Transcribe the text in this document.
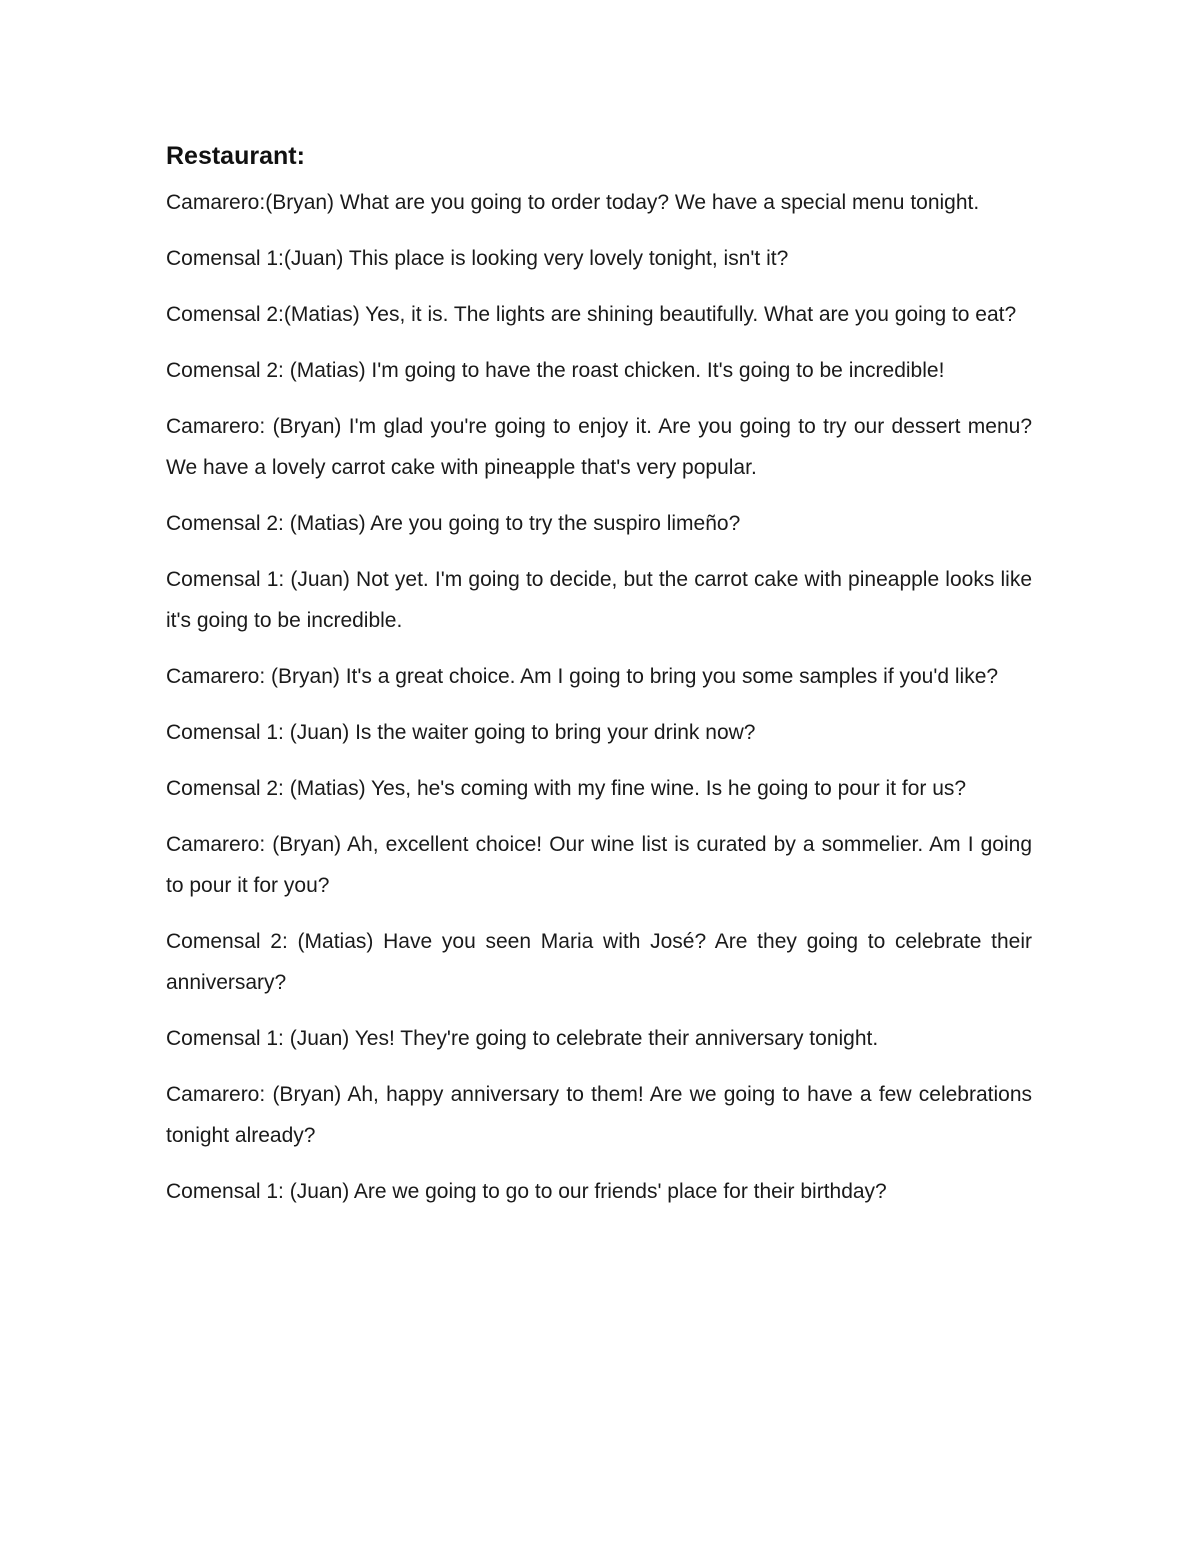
Restaurant:

Camarero:(Bryan) What are you going to order today? We have a special menu tonight.

Comensal 1:(Juan) This place is looking very lovely tonight, isn't it?

Comensal 2:(Matias) Yes, it is. The lights are shining beautifully. What are you going to eat?

Comensal 2: (Matias) I'm going to have the roast chicken. It's going to be incredible!

Camarero: (Bryan) I'm glad you're going to enjoy it. Are you going to try our dessert menu? We have a lovely carrot cake with pineapple that's very popular.

Comensal 2: (Matias) Are you going to try the suspiro limeño?

Comensal 1: (Juan) Not yet. I'm going to decide, but the carrot cake with pineapple looks like it's going to be incredible.

Camarero: (Bryan) It's a great choice. Am I going to bring you some samples if you'd like?

Comensal 1: (Juan) Is the waiter going to bring your drink now?

Comensal 2: (Matias) Yes, he's coming with my fine wine. Is he going to pour it for us?

Camarero: (Bryan) Ah, excellent choice! Our wine list is curated by a sommelier. Am I going to pour it for you?

Comensal 2: (Matias) Have you seen Maria with José? Are they going to celebrate their anniversary?

Comensal 1: (Juan) Yes! They're going to celebrate their anniversary tonight.

Camarero: (Bryan) Ah, happy anniversary to them! Are we going to have a few celebrations tonight already?

Comensal 1: (Juan) Are we going to go to our friends' place for their birthday?
